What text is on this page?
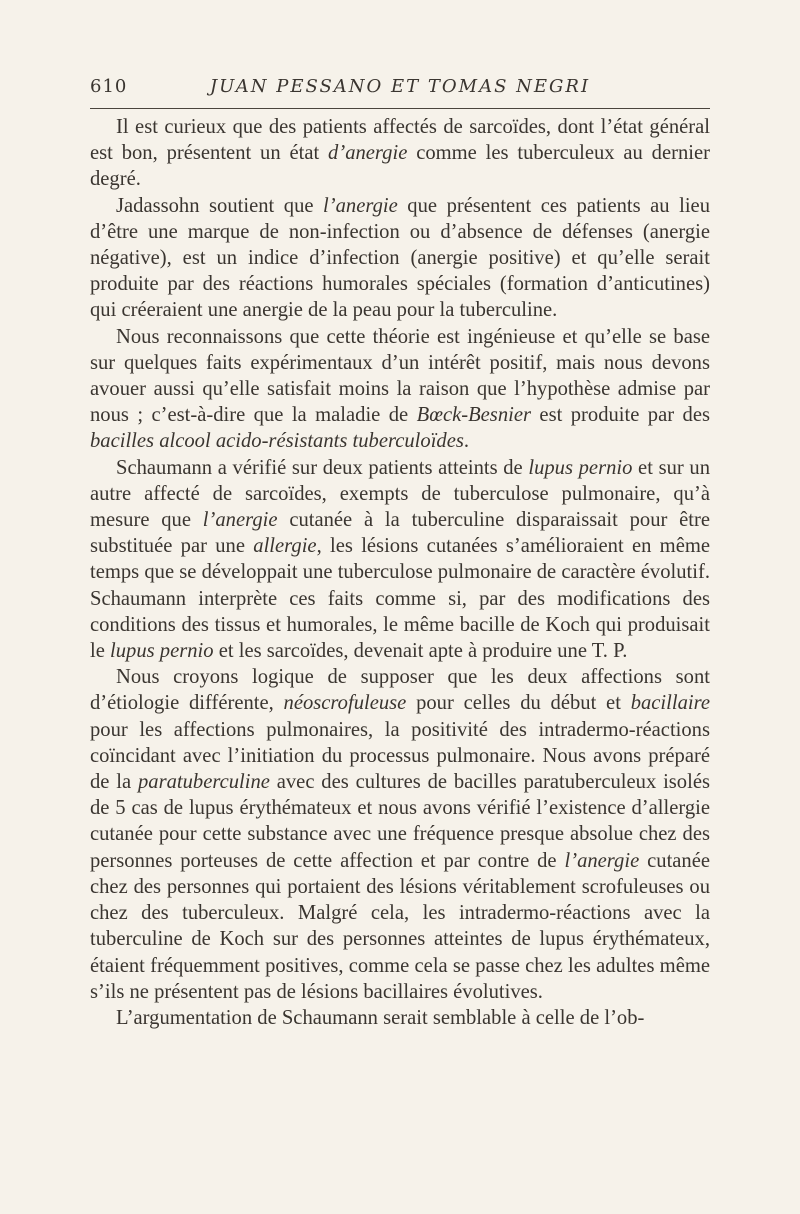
610	JUAN PESSANO ET TOMAS NEGRI

Il est curieux que des patients affectés de sarcoïdes, dont l’état général est bon, présentent un état d’anergie comme les tuberculeux au dernier degré.

Jadassohn soutient que l’anergie que présentent ces patients au lieu d’être une marque de non-infection ou d’absence de défenses (anergie négative), est un indice d’infection (anergie positive) et qu’elle serait produite par des réactions humorales spéciales (formation d’anticutines) qui créeraient une anergie de la peau pour la tuberculine.

Nous reconnaissons que cette théorie est ingénieuse et qu’elle se base sur quelques faits expérimentaux d’un intérêt positif, mais nous devons avouer aussi qu’elle satisfait moins la raison que l’hypothèse admise par nous ; c’est-à-dire que la maladie de Bœck-Besnier est produite par des bacilles alcool acido-résistants tuberculoïdes.

Schaumann a vérifié sur deux patients atteints de lupus pernio et sur un autre affecté de sarcoïdes, exempts de tuberculose pulmonaire, qu’à mesure que l’anergie cutanée à la tuberculine disparaissait pour être substituée par une allergie, les lésions cutanées s’amélioraient en même temps que se développait une tuberculose pulmonaire de caractère évolutif. Schaumann interprète ces faits comme si, par des modifications des conditions des tissus et humorales, le même bacille de Koch qui produisait le lupus pernio et les sarcoïdes, devenait apte à produire une T. P.

Nous croyons logique de supposer que les deux affections sont d’étiologie différente, néoscrofuleuse pour celles du début et bacillaire pour les affections pulmonaires, la positivité des intradermo-réactions coïncidant avec l’initiation du processus pulmonaire. Nous avons préparé de la paratuberculine avec des cultures de bacilles paratuberculeux isolés de 5 cas de lupus érythémateux et nous avons vérifié l’existence d’allergie cutanée pour cette substance avec une fréquence presque absolue chez des personnes porteuses de cette affection et par contre de l’anergie cutanée chez des personnes qui portaient des lésions véritablement scrofuleuses ou chez des tuberculeux. Malgré cela, les intradermo-réactions avec la tuberculine de Koch sur des personnes atteintes de lupus érythémateux, étaient fréquemment positives, comme cela se passe chez les adultes même s’ils ne présentent pas de lésions bacillaires évolutives.

L’argumentation de Schaumann serait semblable à celle de l’ob-
